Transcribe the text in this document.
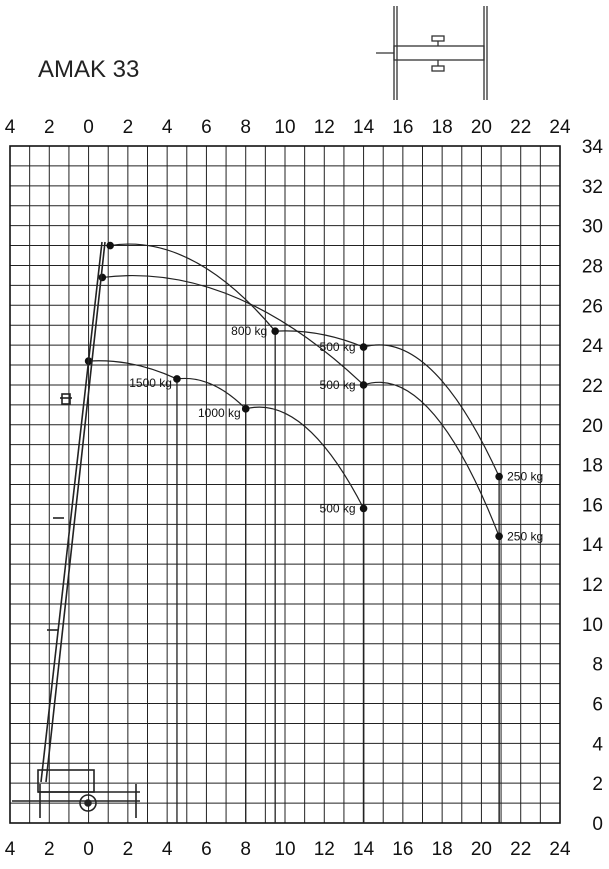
AMAK 33
4 2 0 2 4 6 8 10 12 14 16 18 20 22 24
4 2 0 2 4 6 8 10 12 14 16 18 20 22 24
0
2
4
6
8
10
12
14
16
18
20
22
24
26
28
30
32
34
800 kg
500 kg
250 kg
500 kg
250 kg
1500 kg
1000 kg
500 kg
